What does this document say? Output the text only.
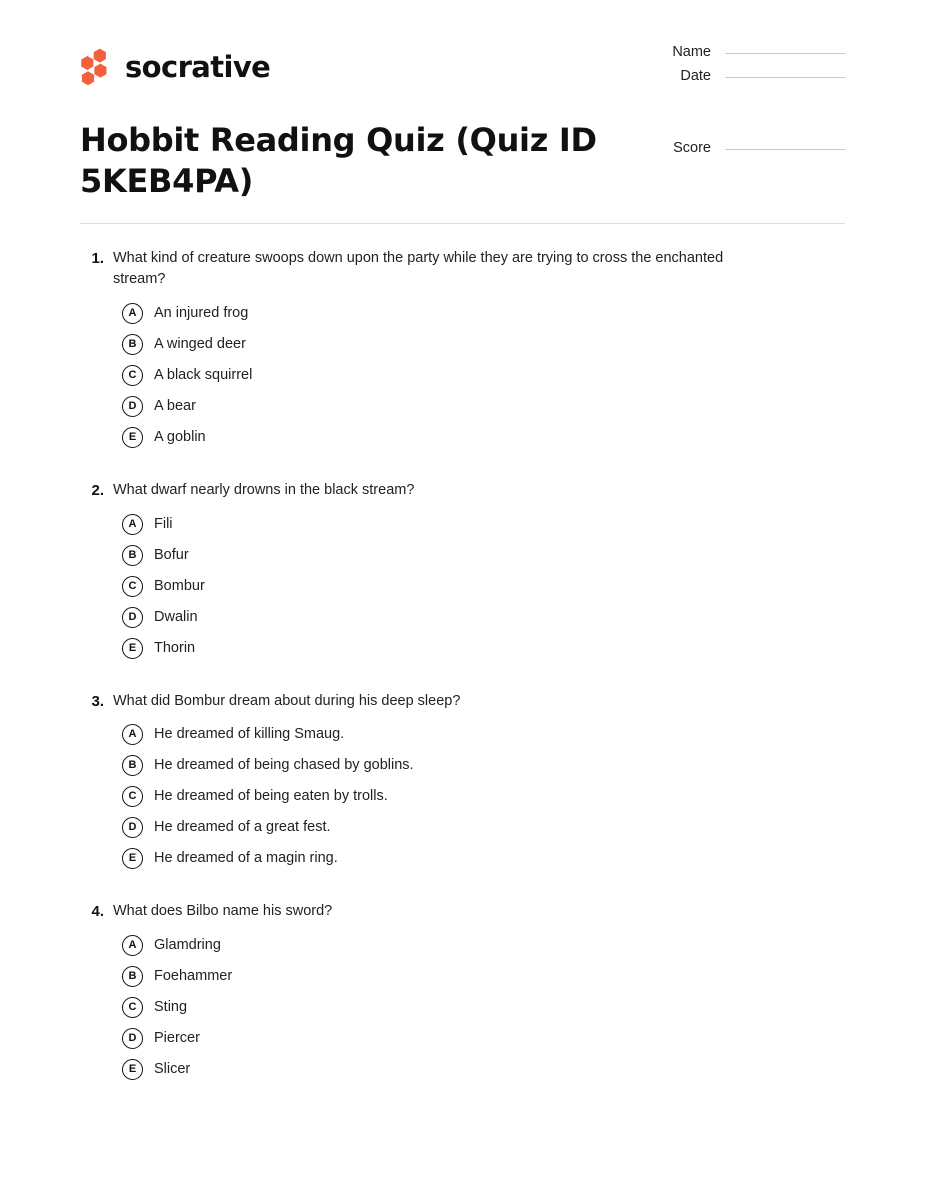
socrative	Name
Date
Score
Hobbit Reading Quiz (Quiz ID 5KEB4PA)
1. What kind of creature swoops down upon the party while they are trying to cross the enchanted stream?
A	An injured frog
B	A winged deer
C	A black squirrel
D	A bear
E	A goblin
2. What dwarf nearly drowns in the black stream?
A	Fili
B	Bofur
C	Bombur
D	Dwalin
E	Thorin
3. What did Bombur dream about during his deep sleep?
A	He dreamed of killing Smaug.
B	He dreamed of being chased by goblins.
C	He dreamed of being eaten by trolls.
D	He dreamed of a great fest.
E	He dreamed of a magin ring.
4. What does Bilbo name his sword?
A	Glamdring
B	Foehammer
C	Sting
D	Piercer
E	Slicer
